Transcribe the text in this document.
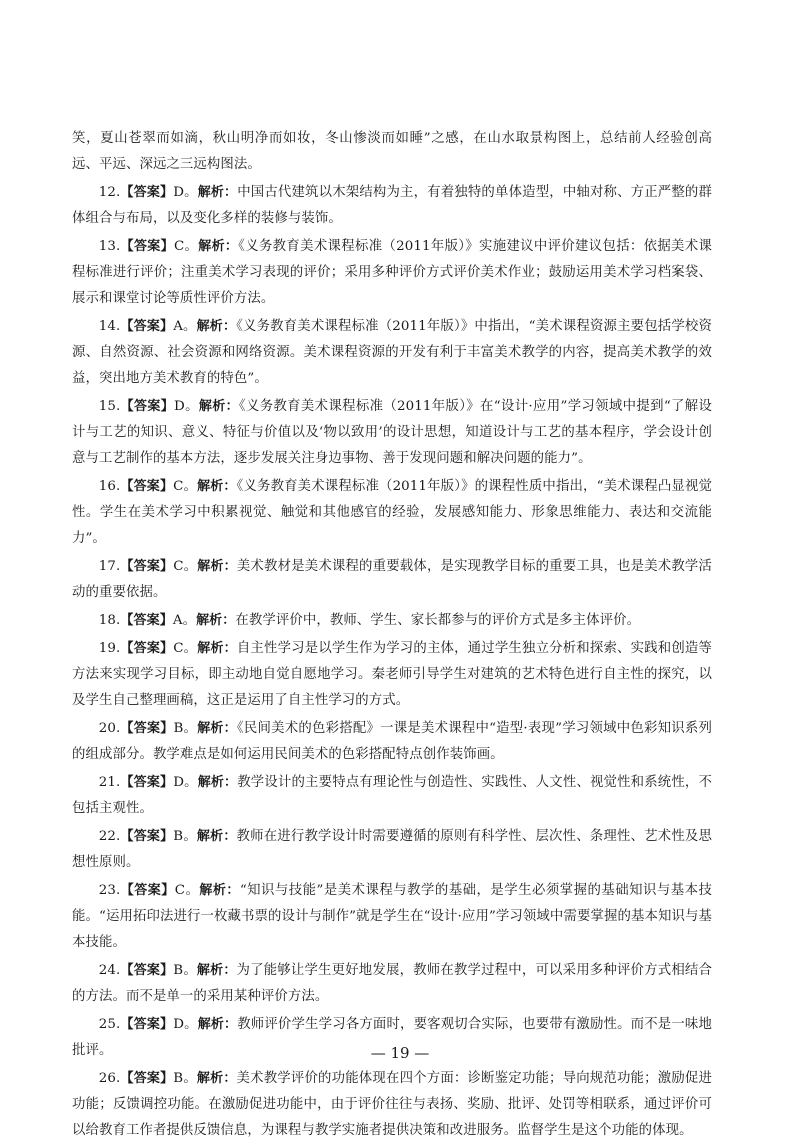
笑，夏山苍翠而如滴，秋山明净而如妆，冬山惨淡而如睡”之感，在山水取景构图上，总结前人经验创高远、平远、深远之三远构图法。

12.【答案】D。解析：中国古代建筑以木架结构为主，有着独特的单体造型，中轴对称、方正严整的群体组合与布局，以及变化多样的装修与装饰。

13.【答案】C。解析：《义务教育美术课程标准（2011年版）》实施建议中评价建议包括：依据美术课程标准进行评价；注重美术学习表现的评价；采用多种评价方式评价美术作业；鼓励运用美术学习档案袋、展示和课堂讨论等质性评价方法。

14.【答案】A。解析：《义务教育美术课程标准（2011年版）》中指出，“美术课程资源主要包括学校资源、自然资源、社会资源和网络资源。美术课程资源的开发有利于丰富美术教学的内容，提高美术教学的效益，突出地方美术教育的特色”。

15.【答案】D。解析：《义务教育美术课程标准（2011年版）》在“设计·应用”学习领域中提到“了解设计与工艺的知识、意义、特征与价值以及‘物以致用’的设计思想，知道设计与工艺的基本程序，学会设计创意与工艺制作的基本方法，逐步发展关注身边事物、善于发现问题和解决问题的能力”。

16.【答案】C。解析：《义务教育美术课程标准（2011年版）》的课程性质中指出，“美术课程凸显视觉性。学生在美术学习中积累视觉、触觉和其他感官的经验，发展感知能力、形象思维能力、表达和交流能力”。

17.【答案】C。解析：美术教材是美术课程的重要载体，是实现教学目标的重要工具，也是美术教学活动的重要依据。

18.【答案】A。解析：在教学评价中，教师、学生、家长都参与的评价方式是多主体评价。

19.【答案】C。解析：自主性学习是以学生作为学习的主体，通过学生独立分析和探索、实践和创造等方法来实现学习目标，即主动地自觉自愿地学习。秦老师引导学生对建筑的艺术特色进行自主性的探究，以及学生自己整理画稿，这正是运用了自主性学习的方式。

20.【答案】B。解析：《民间美术的色彩搭配》一课是美术课程中“造型·表现”学习领域中色彩知识系列的组成部分。教学难点是如何运用民间美术的色彩搭配特点创作装饰画。

21.【答案】D。解析：教学设计的主要特点有理论性与创造性、实践性、人文性、视觉性和系统性，不包括主观性。

22.【答案】B。解析：教师在进行教学设计时需要遵循的原则有科学性、层次性、条理性、艺术性及思想性原则。

23.【答案】C。解析：“知识与技能”是美术课程与教学的基础，是学生必须掌握的基础知识与基本技能。“运用拓印法进行一枚藏书票的设计与制作”就是学生在“设计·应用”学习领域中需要掌握的基本知识与基本技能。

24.【答案】B。解析：为了能够让学生更好地发展，教师在教学过程中，可以采用多种评价方式相结合的方法。而不是单一的采用某种评价方法。

25.【答案】D。解析：教师评价学生学习各方面时，要客观切合实际，也要带有激励性。而不是一味地批评。

26.【答案】B。解析：美术教学评价的功能体现在四个方面：诊断鉴定功能；导向规范功能；激励促进功能；反馈调控功能。在激励促进功能中，由于评价往往与表扬、奖励、批评、处罚等相联系，通过评价可以给教育工作者提供反馈信息，为课程与教学实施者提供决策和改进服务。监督学生是这个功能的体现。

— 19 —
